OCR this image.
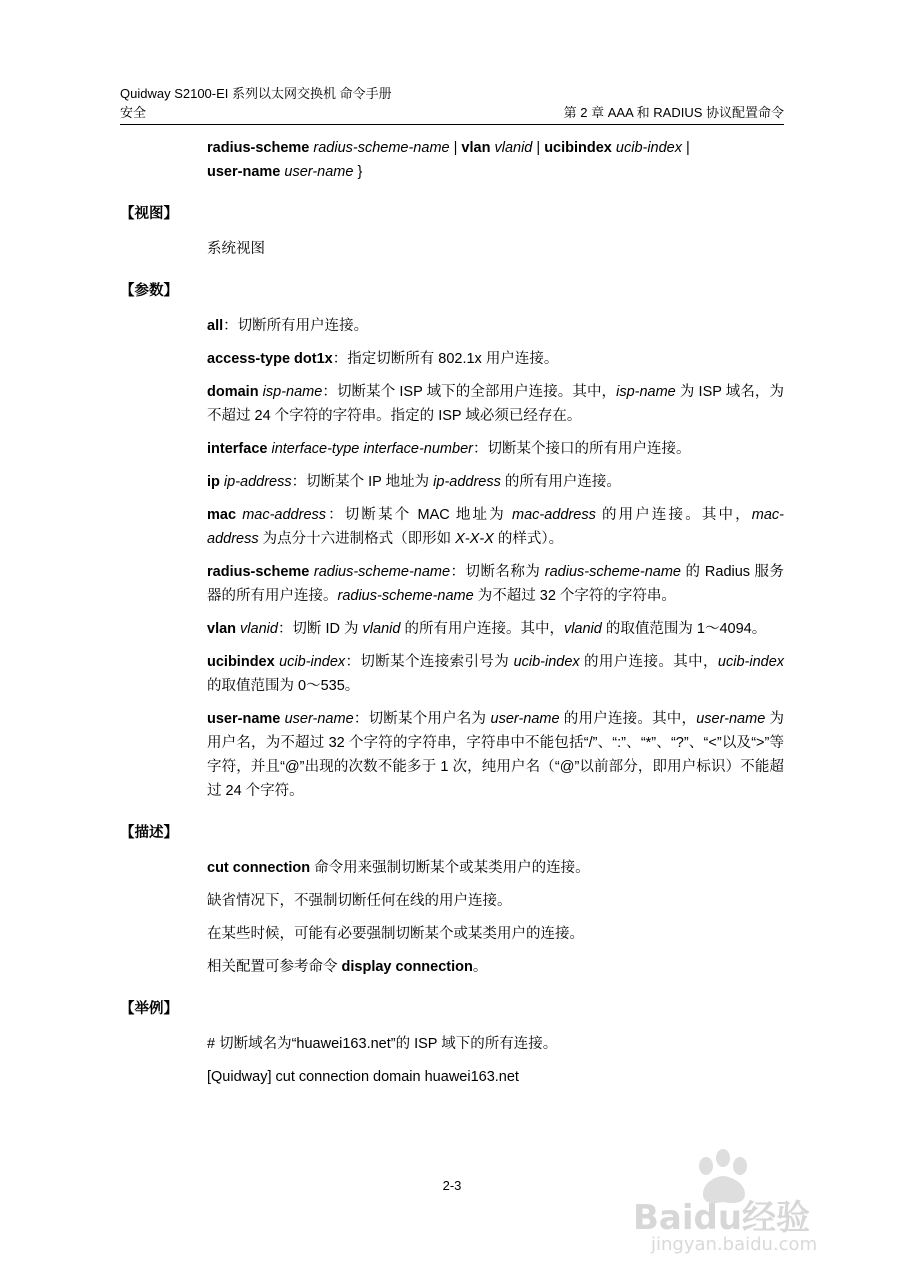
Quidway S2100-EI 系列以太网交换机 命令手册
安全	第 2 章 AAA 和 RADIUS 协议配置命令

radius-scheme radius-scheme-name | vlan vlanid | ucibindex ucib-index |
user-name user-name }

【视图】

系统视图

【参数】

all：切断所有用户连接。

access-type dot1x：指定切断所有 802.1x 用户连接。

domain isp-name：切断某个 ISP 域下的全部用户连接。其中，isp-name 为 ISP 域名，为不超过 24 个字符的字符串。指定的 ISP 域必须已经存在。

interface interface-type interface-number：切断某个接口的所有用户连接。

ip ip-address：切断某个 IP 地址为 ip-address 的所有用户连接。

mac mac-address：切断某个 MAC 地址为 mac-address 的用户连接。其中，mac-address 为点分十六进制格式（即形如 X-X-X 的样式）。

radius-scheme radius-scheme-name：切断名称为 radius-scheme-name 的 Radius 服务器的所有用户连接。radius-scheme-name 为不超过 32 个字符的字符串。

vlan vlanid：切断 ID 为 vlanid 的所有用户连接。其中，vlanid 的取值范围为 1～4094。

ucibindex ucib-index：切断某个连接索引号为 ucib-index 的用户连接。其中，ucib-index 的取值范围为 0～535。

user-name user-name：切断某个用户名为 user-name 的用户连接。其中，user-name 为用户名，为不超过 32 个字符的字符串，字符串中不能包括“/”、“:”、“*”、“?”、“<”以及“>”等字符，并且“@”出现的次数不能多于 1 次，纯用户名（“@”以前部分，即用户标识）不能超过 24 个字符。

【描述】

cut connection 命令用来强制切断某个或某类用户的连接。

缺省情况下，不强制切断任何在线的用户连接。

在某些时候，可能有必要强制切断某个或某类用户的连接。

相关配置可参考命令 display connection。

【举例】

# 切断域名为“huawei163.net”的 ISP 域下的所有连接。

[Quidway] cut connection domain huawei163.net

2-3
Baidu经验
jingyan.baidu.com
